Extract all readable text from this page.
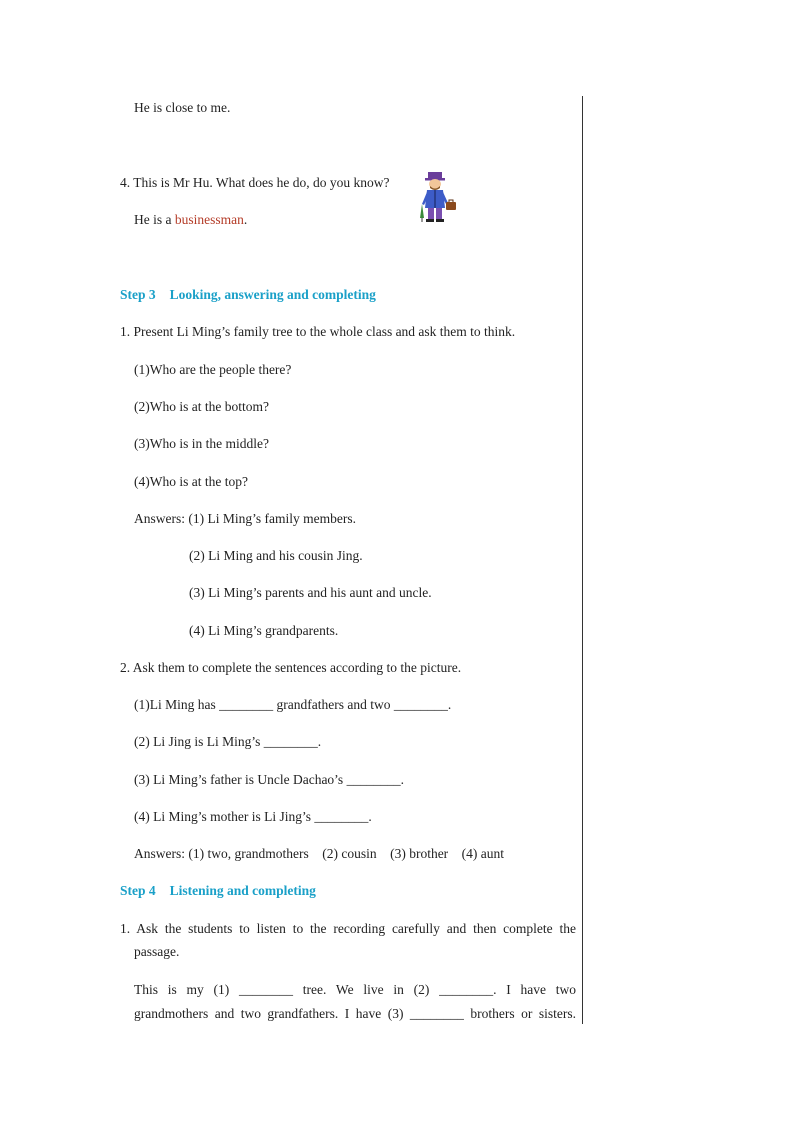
He is close to me.
4. This is Mr Hu. What does he do, do you know?
He is a businessman.
Step 3 Looking, answering and completing
1. Present Li Ming’s family tree to the whole class and ask them to think.
(1)Who are the people there?
(2)Who is at the bottom?
(3)Who is in the middle?
(4)Who is at the top?
Answers: (1) Li Ming’s family members.
(2) Li Ming and his cousin Jing.
(3) Li Ming’s parents and his aunt and uncle.
(4) Li Ming’s grandparents.
2. Ask them to complete the sentences according to the picture.
(1)Li Ming has ________ grandfathers and two ________.
(2) Li Jing is Li Ming’s ________.
(3) Li Ming’s father is Uncle Dachao’s ________.
(4) Li Ming’s mother is Li Jing’s ________.
Answers: (1) two, grandmothers    (2) cousin    (3) brother    (4) aunt
Step 4 Listening and completing
1. Ask the students to listen to the recording carefully and then complete the
passage.
This is my (1) ________ tree. We live in (2) ________. I have two
grandmothers and two grandfathers. I have (3) ________ brothers or sisters.
